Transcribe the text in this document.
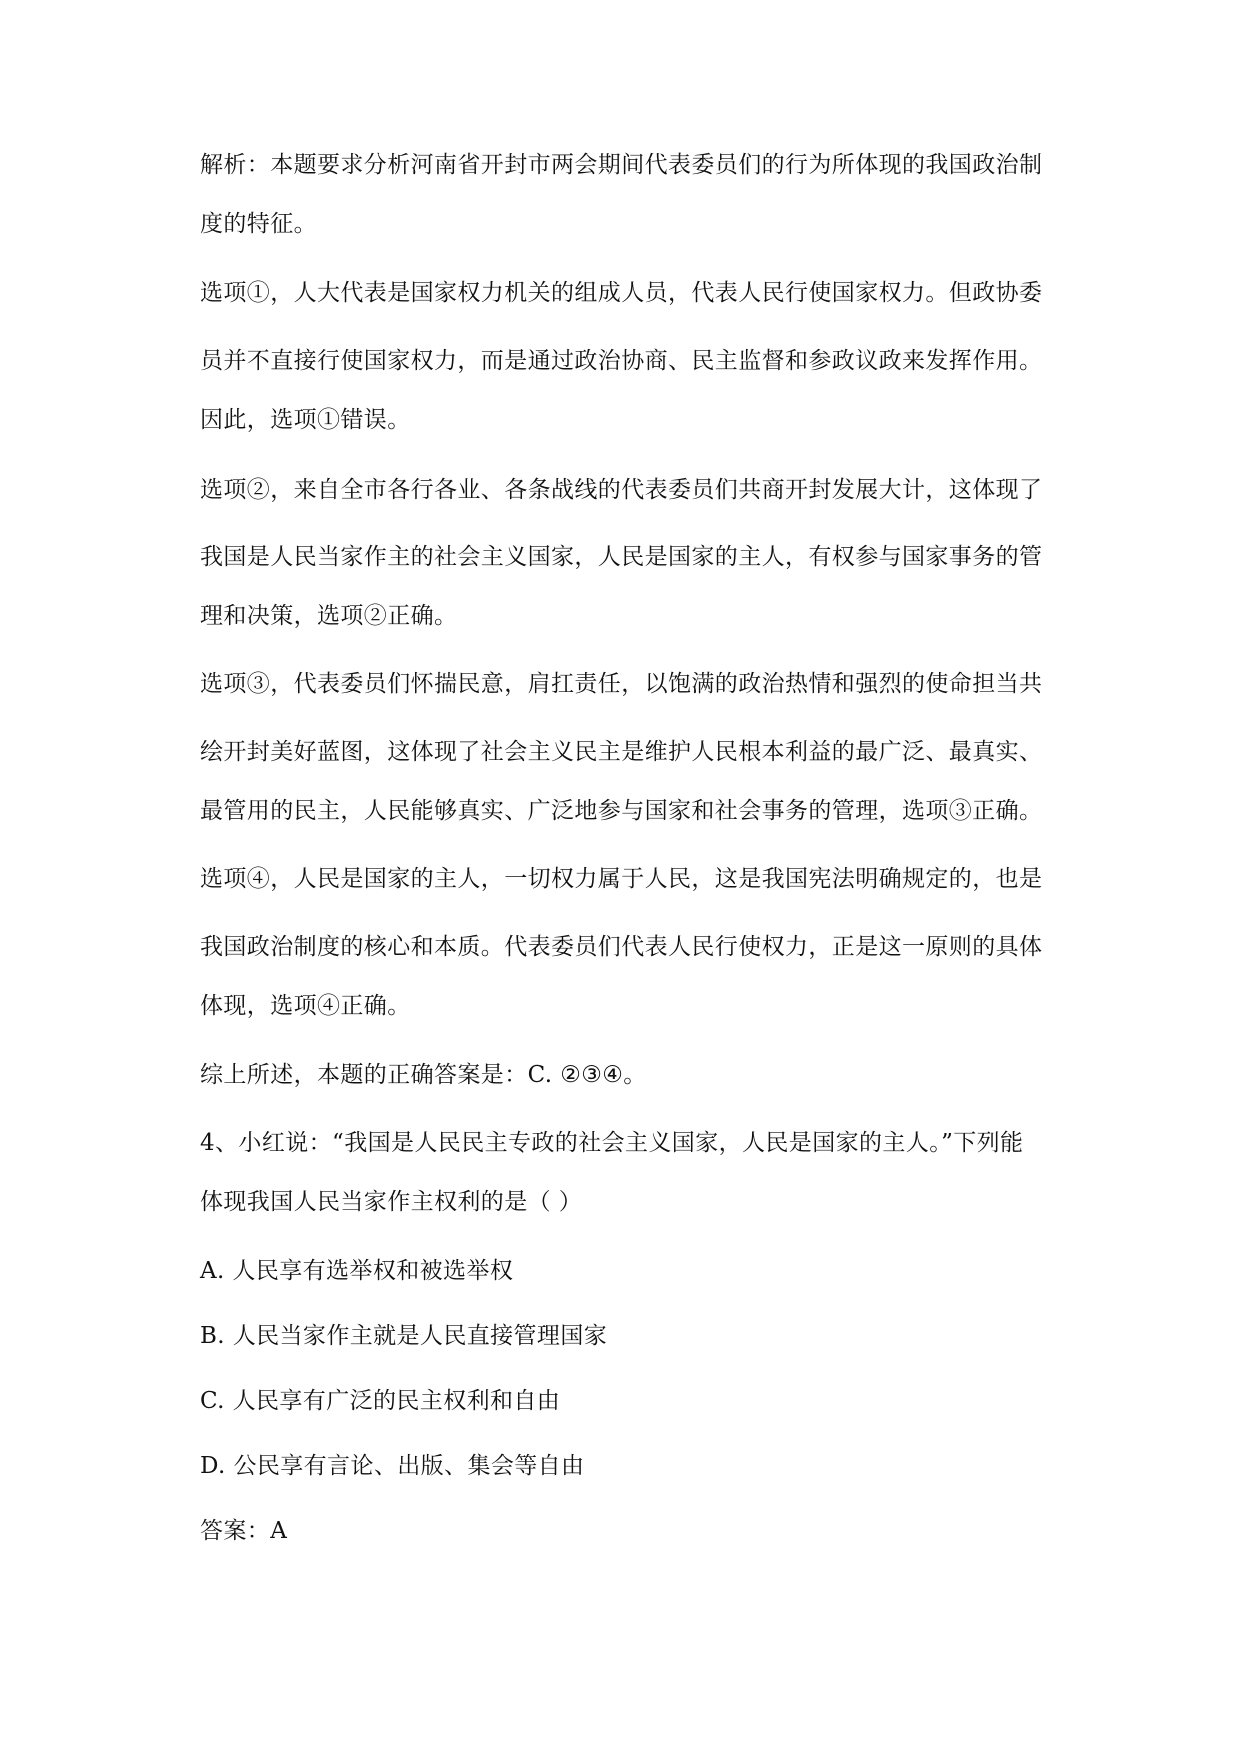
解析：本题要求分析河南省开封市两会期间代表委员们的行为所体现的我国政治制
度的特征。
选项①，人大代表是国家权力机关的组成人员，代表人民行使国家权力。但政协委
员并不直接行使国家权力，而是通过政治协商、民主监督和参政议政来发挥作用。
因此，选项①错误。
选项②，来自全市各行各业、各条战线的代表委员们共商开封发展大计，这体现了
我国是人民当家作主的社会主义国家，人民是国家的主人，有权参与国家事务的管
理和决策，选项②正确。
选项③，代表委员们怀揣民意，肩扛责任，以饱满的政治热情和强烈的使命担当共
绘开封美好蓝图，这体现了社会主义民主是维护人民根本利益的最广泛、最真实、
最管用的民主，人民能够真实、广泛地参与国家和社会事务的管理，选项③正确。
选项④，人民是国家的主人，一切权力属于人民，这是我国宪法明确规定的，也是
我国政治制度的核心和本质。代表委员们代表人民行使权力，正是这一原则的具体
体现，选项④正确。
综上所述，本题的正确答案是：C. ②③④。
4、小红说：“我国是人民民主专政的社会主义国家，人民是国家的主人。”下列能
体现我国人民当家作主权利的是（ ）
A. 人民享有选举权和被选举权
B. 人民当家作主就是人民直接管理国家
C. 人民享有广泛的民主权利和自由
D. 公民享有言论、出版、集会等自由
答案：A
